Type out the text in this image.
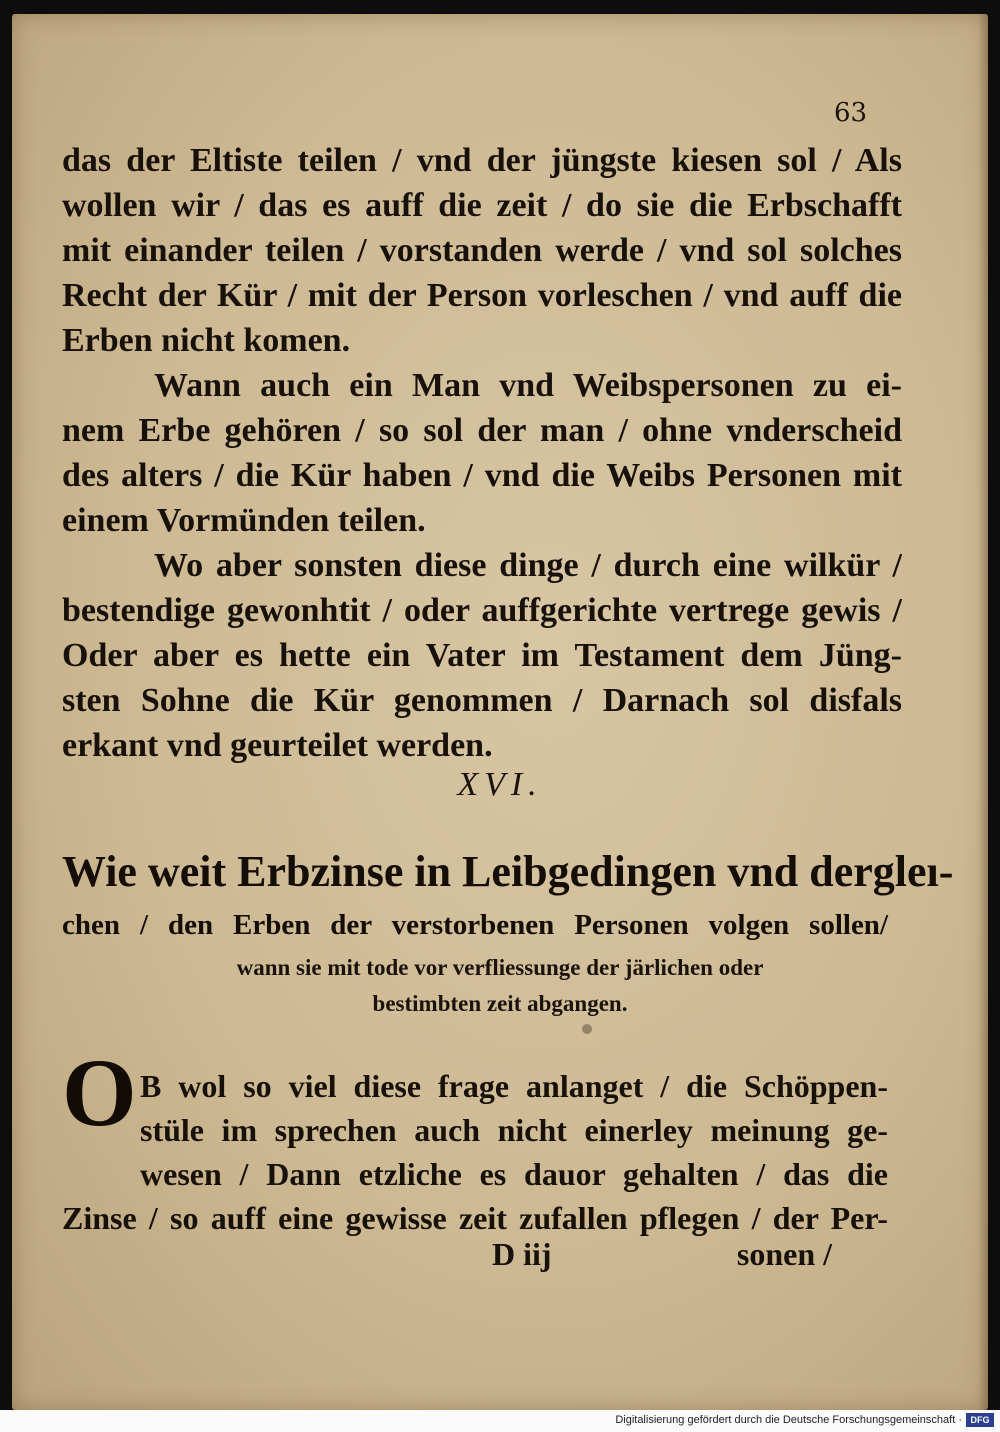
63
das der Eltiste teilen / vnd der jüngste kiesen sol / Als
wollen wir / das es auff die zeit / do sie die Erbschafft
mit einander teilen / vorstanden werde / vnd sol solches
Recht der Kür / mit der Person vorleschen / vnd auff die
Erben nicht komen.
Wann auch ein Man vnd Weibspersonen zu ei-
nem Erbe gehören / so sol der man / ohne vnderscheid
des alters / die Kür haben / vnd die Weibs Personen mit
einem Vormünden teilen.
Wo aber sonsten diese dinge / durch eine wilkür /
bestendige gewonhtit / oder auffgerichte vertrege gewis /
Oder aber es hette ein Vater im Testament dem Jüng-
sten Sohne die Kür genommen / Darnach sol disfals
erkant vnd geurteilet werden.
XVI.
Wie weit Erbzinse in Leibgedingen vnd dergleı-
chen / den Erben der verstorbenen Personen volgen sollen/
wann sie mit tode vor verfliessunge der järlichen oder
bestimbten zeit abgangen.
O B wol so viel diese frage anlanget / die Schöppen-
stüle im sprechen auch nicht einerley meinung ge-
wesen / Dann etzliche es dauor gehalten / das die
Zinse / so auff eine gewisse zeit zufallen pflegen / der Per-
D iij	sonen /
Digitalisierung gefördert durch die Deutsche Forschungsgemeinschaft · DFG
